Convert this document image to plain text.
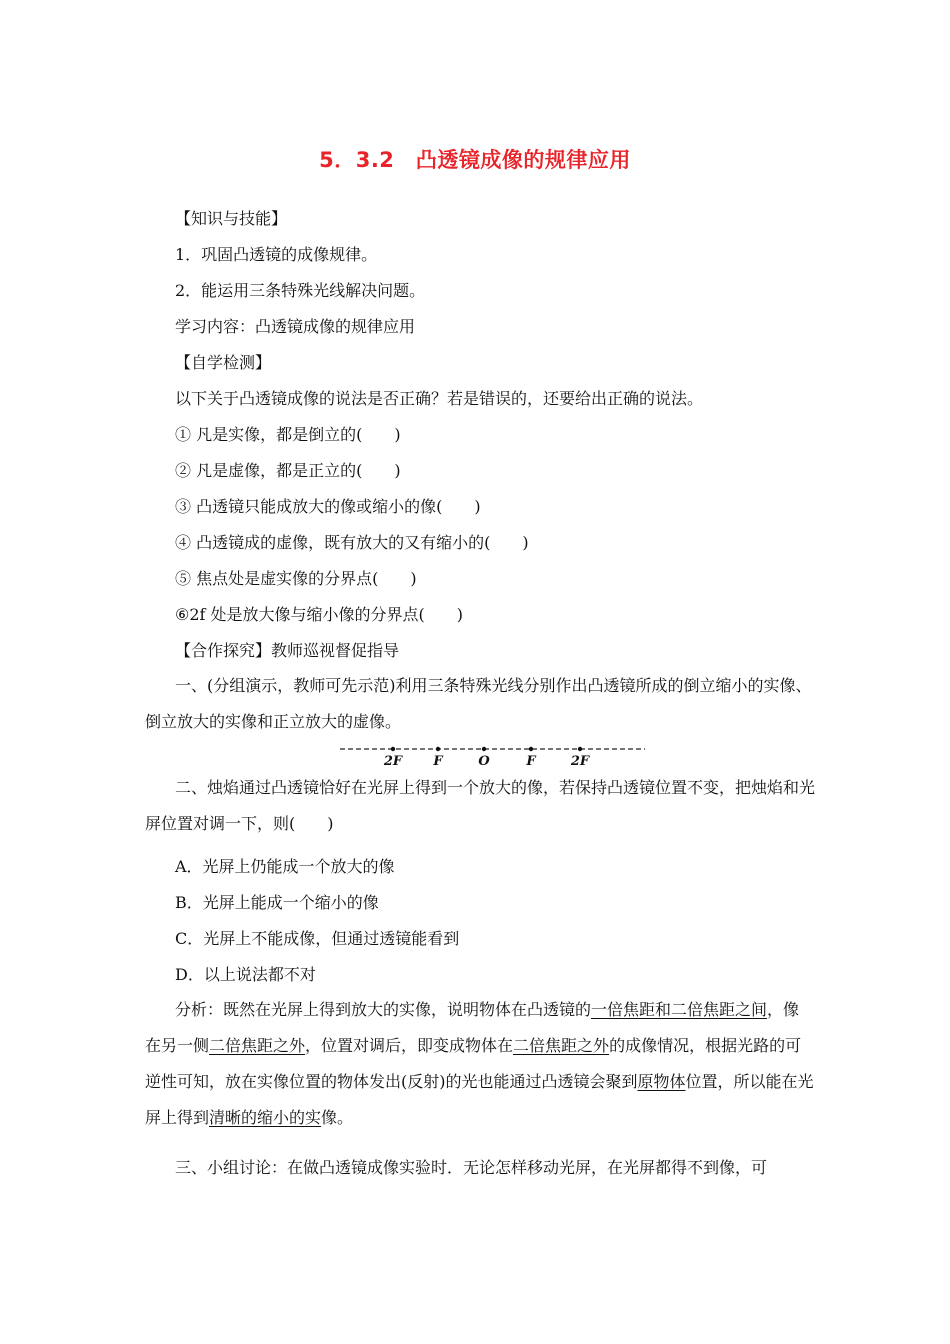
5．3.2　凸透镜成像的规律应用
【知识与技能】
1．巩固凸透镜的成像规律。
2．能运用三条特殊光线解决问题。
学习内容：凸透镜成像的规律应用
【自学检测】
以下关于凸透镜成像的说法是否正确？若是错误的，还要给出正确的说法。
① 凡是实像，都是倒立的(　　)
② 凡是虚像，都是正立的(　　)
③ 凸透镜只能成放大的像或缩小的像(　　)
④ 凸透镜成的虚像，既有放大的又有缩小的(　　)
⑤ 焦点处是虚实像的分界点(　　)
⑥2f 处是放大像与缩小像的分界点(　　)
【合作探究】教师巡视督促指导
一、(分组演示，教师可先示范)利用三条特殊光线分别作出凸透镜所成的倒立缩小的实像、倒立放大的实像和正立放大的虚像。
2F F	O	F	2F
二、烛焰通过凸透镜恰好在光屏上得到一个放大的像，若保持凸透镜位置不变，把烛焰和光屏位置对调一下，则(　　)
A．光屏上仍能成一个放大的像
B．光屏上能成一个缩小的像
C．光屏上不能成像，但通过透镜能看到
D．以上说法都不对
分析：既然在光屏上得到放大的实像，说明物体在凸透镜的一倍焦距和二倍焦距之间，像在另一侧二倍焦距之外，位置对调后，即变成物体在二倍焦距之外的成像情况，根据光路的可逆性可知，放在实像位置的物体发出(反射)的光也能通过凸透镜会聚到原物体位置，所以能在光屏上得到清晰的缩小的实像。
三、小组讨论：在做凸透镜成像实验时．无论怎样移动光屏，在光屏都得不到像，可
